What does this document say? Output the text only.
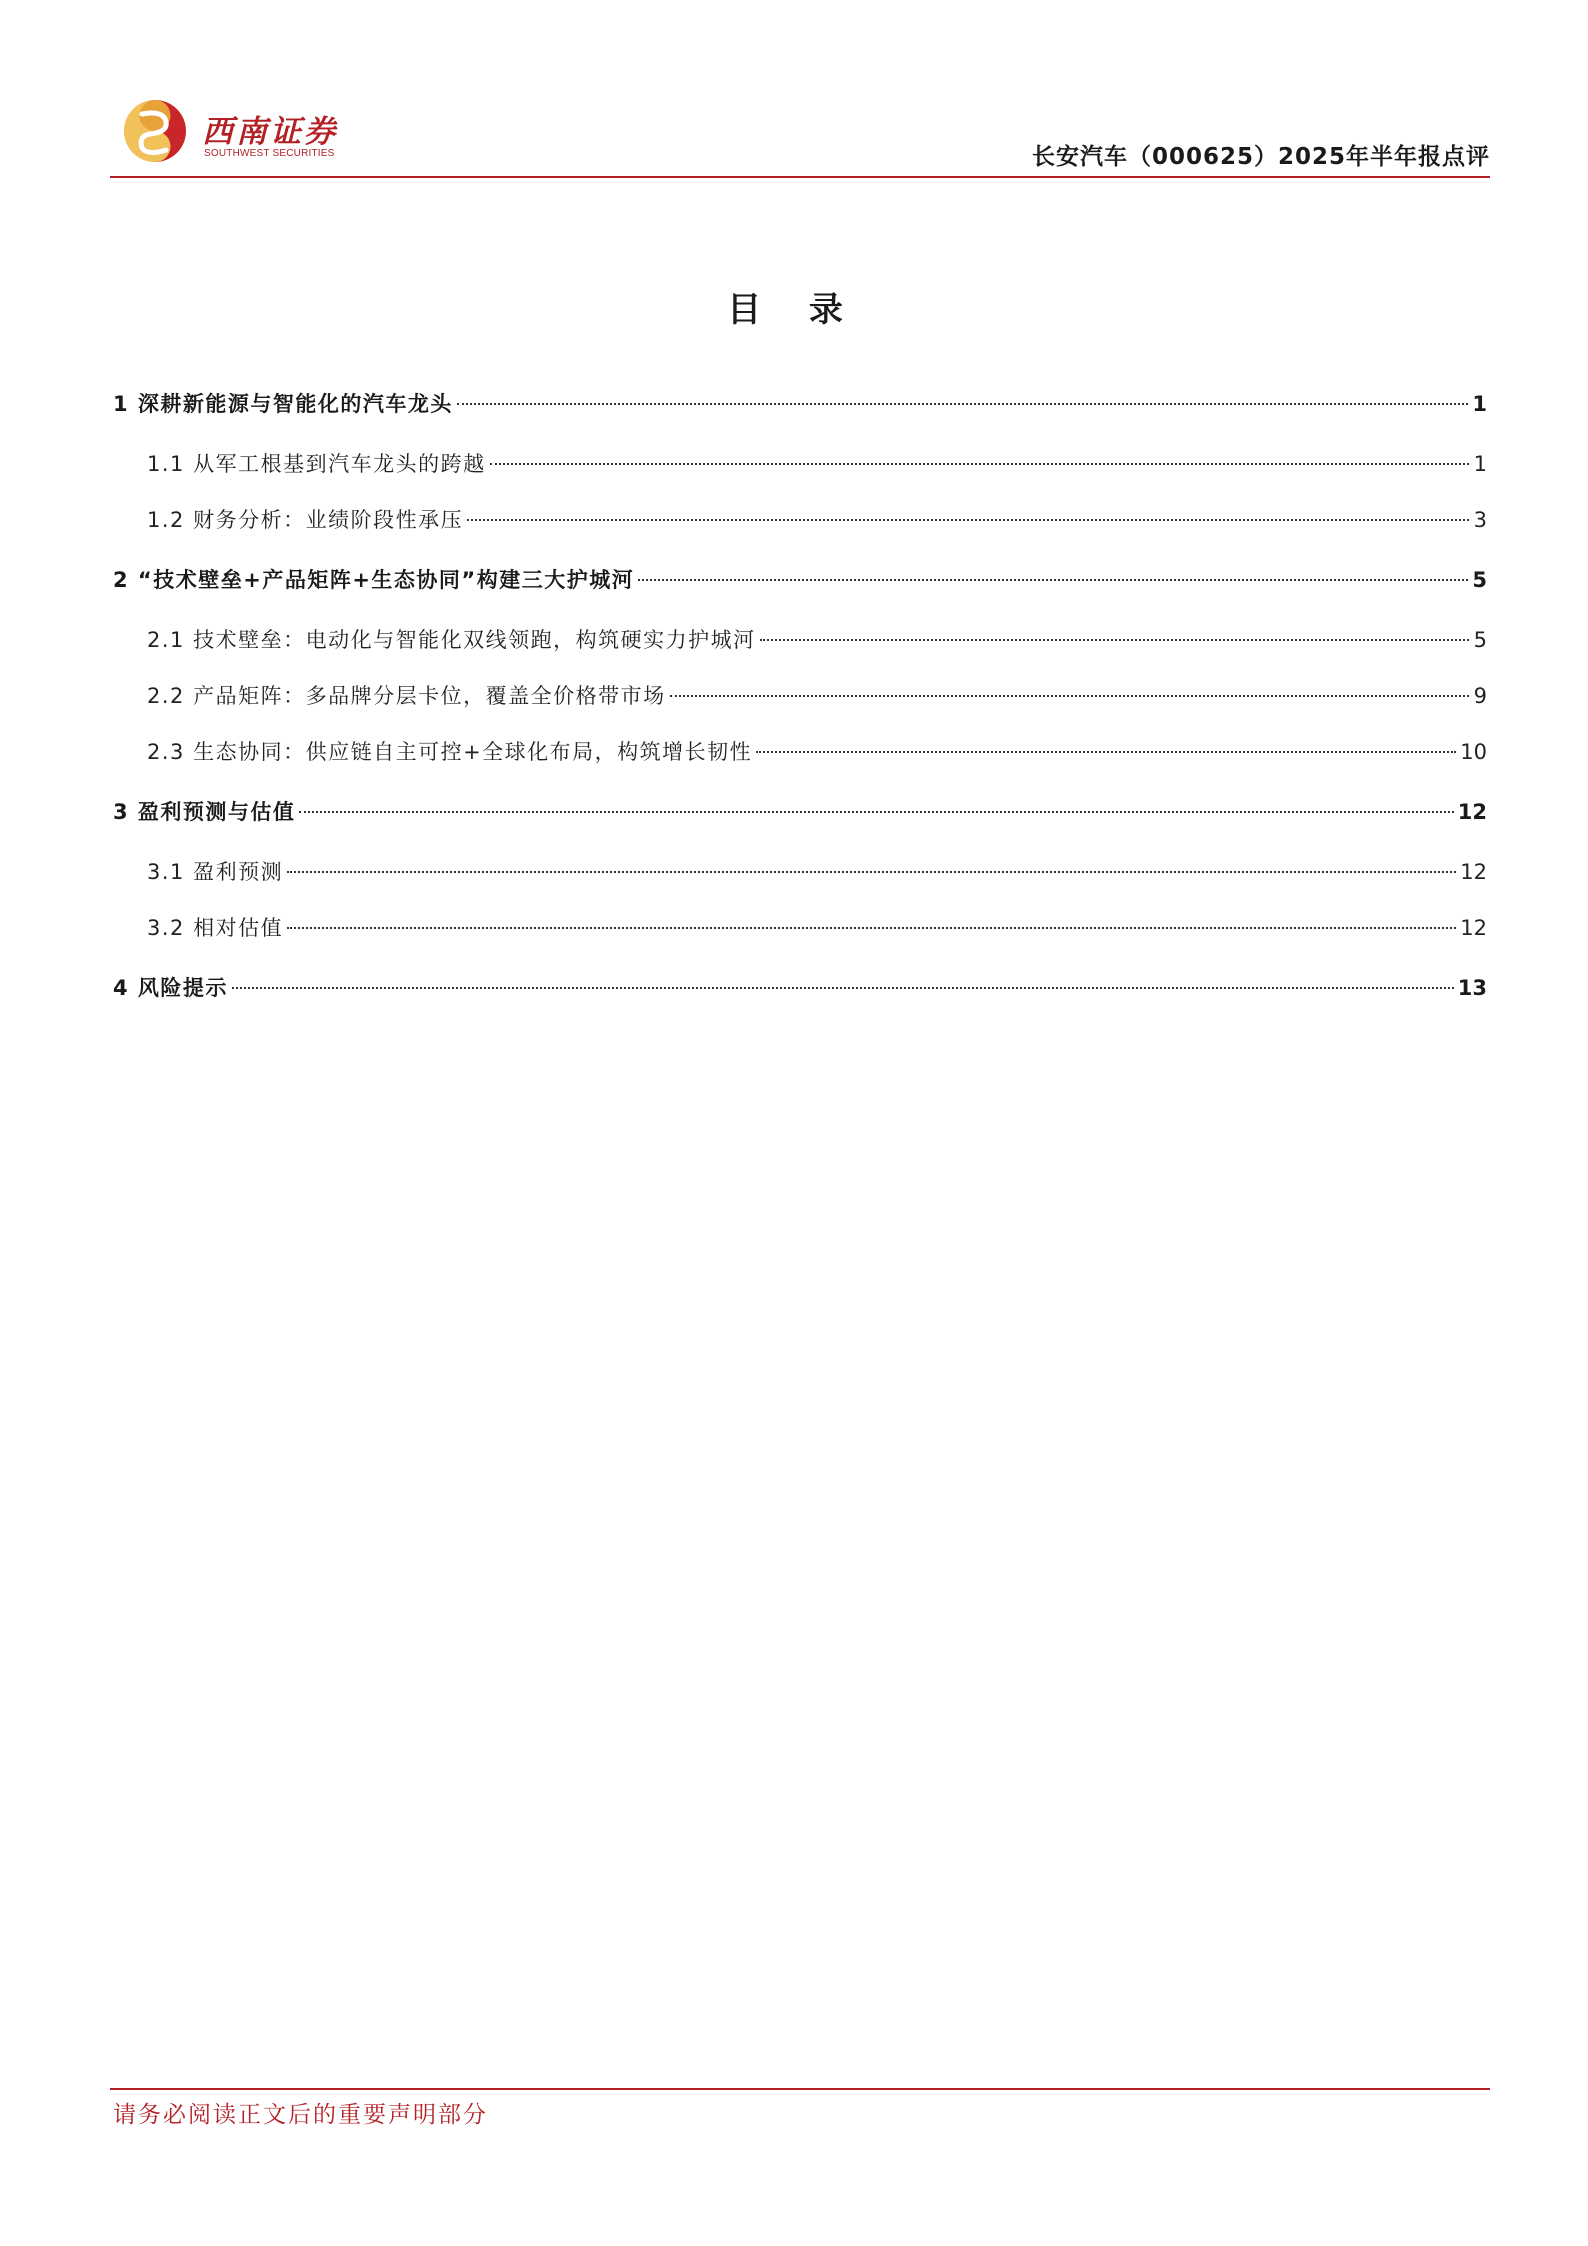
西南证券
SOUTHWEST SECURITIES	长安汽车（000625）2025年半年报点评
目 录
1 深耕新能源与智能化的汽车龙头	1
1.1 从军工根基到汽车龙头的跨越	1
1.2 财务分析：业绩阶段性承压	3
2 “技术壁垒+产品矩阵+生态协同”构建三大护城河	5
2.1 技术壁垒：电动化与智能化双线领跑，构筑硬实力护城河	5
2.2 产品矩阵：多品牌分层卡位，覆盖全价格带市场	9
2.3 生态协同：供应链自主可控+全球化布局，构筑增长韧性	10
3 盈利预测与估值	12
3.1 盈利预测	12
3.2 相对估值	12
4 风险提示	13
请务必阅读正文后的重要声明部分
